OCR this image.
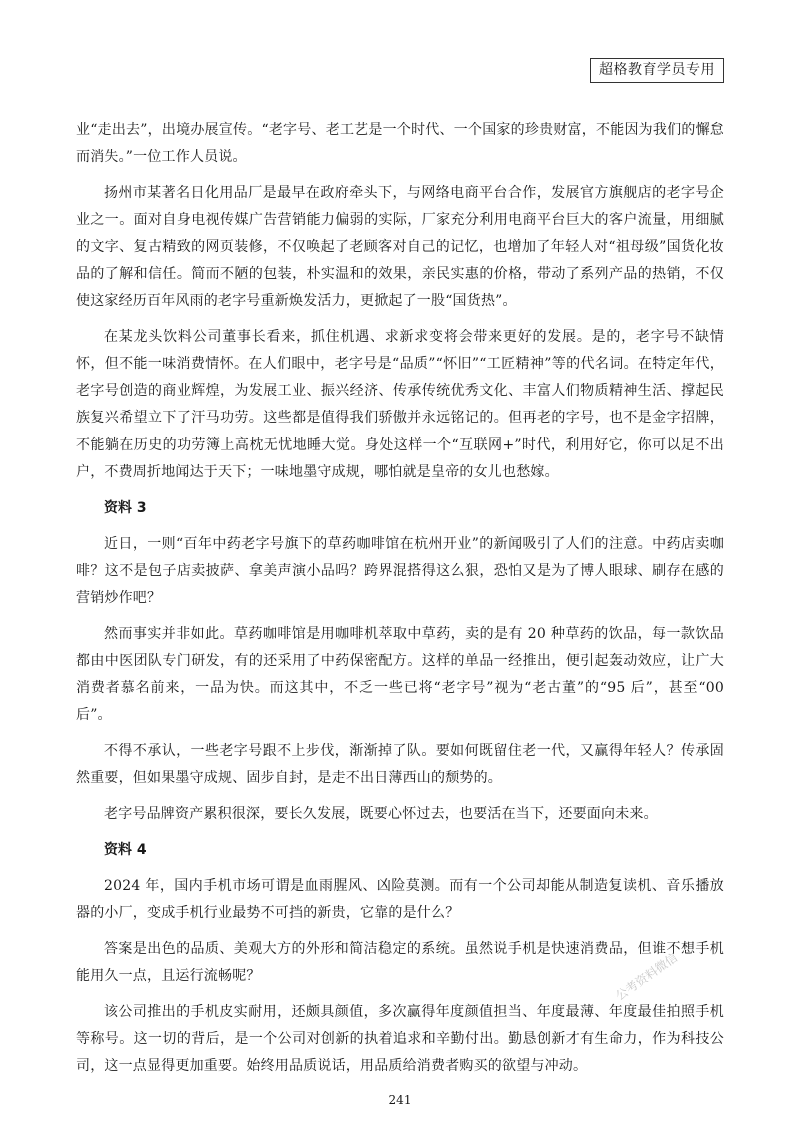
超格教育学员专用

业“走出去”，出境办展宣传。“老字号、老工艺是一个时代、一个国家的珍贵财富，不能因为我们的懈怠而消失。”一位工作人员说。

扬州市某著名日化用品厂是最早在政府牵头下，与网络电商平台合作，发展官方旗舰店的老字号企业之一。面对自身电视传媒广告营销能力偏弱的实际，厂家充分利用电商平台巨大的客户流量，用细腻的文字、复古精致的网页装修，不仅唤起了老顾客对自己的记忆，也增加了年轻人对“祖母级”国货化妆品的了解和信任。简而不陋的包装，朴实温和的效果，亲民实惠的价格，带动了系列产品的热销，不仅使这家经历百年风雨的老字号重新焕发活力，更掀起了一股“国货热”。

在某龙头饮料公司董事长看来，抓住机遇、求新求变将会带来更好的发展。是的，老字号不缺情怀，但不能一味消费情怀。在人们眼中，老字号是“品质”“怀旧”“工匠精神”等的代名词。在特定年代，老字号创造的商业辉煌，为发展工业、振兴经济、传承传统优秀文化、丰富人们物质精神生活、撑起民族复兴希望立下了汗马功劳。这些都是值得我们骄傲并永远铭记的。但再老的字号，也不是金字招牌，不能躺在历史的功劳簿上高枕无忧地睡大觉。身处这样一个“互联网+”时代，利用好它，你可以足不出户，不费周折地闻达于天下；一味地墨守成规，哪怕就是皇帝的女儿也愁嫁。

资料 3

近日，一则“百年中药老字号旗下的草药咖啡馆在杭州开业”的新闻吸引了人们的注意。中药店卖咖啡？这不是包子店卖披萨、拿美声演小品吗？跨界混搭得这么狠，恐怕又是为了博人眼球、刷存在感的营销炒作吧？

然而事实并非如此。草药咖啡馆是用咖啡机萃取中草药，卖的是有 20 种草药的饮品，每一款饮品都由中医团队专门研发，有的还采用了中药保密配方。这样的单品一经推出，便引起轰动效应，让广大消费者慕名前来，一品为快。而这其中，不乏一些已将“老字号”视为“老古董”的“95 后”，甚至“00 后”。

不得不承认，一些老字号跟不上步伐，渐渐掉了队。要如何既留住老一代，又赢得年轻人？传承固然重要，但如果墨守成规、固步自封，是走不出日薄西山的颓势的。

老字号品牌资产累积很深，要长久发展，既要心怀过去，也要活在当下，还要面向未来。

资料 4

2024 年，国内手机市场可谓是血雨腥风、凶险莫测。而有一个公司却能从制造复读机、音乐播放器的小厂，变成手机行业最势不可挡的新贵，它靠的是什么？

答案是出色的品质、美观大方的外形和简洁稳定的系统。虽然说手机是快速消费品，但谁不想手机能用久一点，且运行流畅呢？

该公司推出的手机皮实耐用，还颇具颜值，多次赢得年度颜值担当、年度最薄、年度最佳拍照手机等称号。这一切的背后，是一个公司对创新的执着追求和辛勤付出。勤恳创新才有生命力，作为科技公司，这一点显得更加重要。始终用品质说话，用品质给消费者购买的欲望与冲动。

公考资料微信
241
